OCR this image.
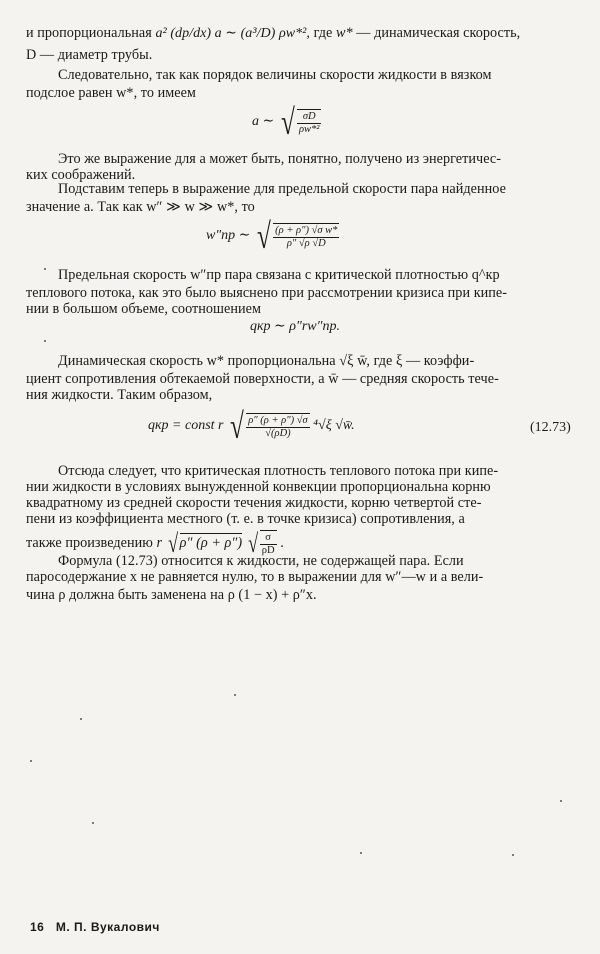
и пропорциональная a² (dp/dx) a ∼ (a³/D) ρw*², где w* — динамическая скорость,
D — диаметр трубы.
Следовательно, так как порядок величины скорости жидкости в вязком
подслое равен w*, то имеем
a ∼ √ $\frac{\sigma D}{\text{ρw*²}}$
Это же выражение для a может быть, понятно, получено из энергетичес-
ких соображений.
Подставим теперь в выражение для предельной скорости пара найденное
значение a. Так как w″ ≫ w ≫ w*, то
w″пр ∼ √ $\frac{\text{(ρ + ρ″) √σ w*}}{\rho'' √\rho √D}$
Предельная скорость w″пр пара связана с критической плотностью q^кр
теплового потока, как это было выяснено при рассмотрении кризиса при кипе-
нии в большом объеме, соотношением
qкр ∼ ρ″rw″пр.
Динамическая скорость w* пропорциональна √ξ w̄, где ξ — коэффи-
циент сопротивления обтекаемой поверхности, a w̄ — средняя скорость тече-
ния жидкости. Таким образом,
qкр = const r √ $\frac{\rho'' (\rho + \rho'') √\sigma}{√(\rho D)} ^4√\xi$ √w̄.	(12.73)
Отсюда следует, что критическая плотность теплового потока при кипе-
нии жидкости в условиях вынужденной конвекции пропорциональна корню
квадратному из средней скорости течения жидкости, корню четвертой сте-
пени из коэффициента местного (т. е. в точке кризиса) сопротивления, а
также произведению r √ ρ″ (ρ + ρ″) √ $\frac{\sigma}{\rho D}$ .
Формула (12.73) относится к жидкости, не содержащей пара. Если
паросодержание x не равняется нулю, то в выражении для w″—w и a вели-
чина ρ должна быть заменена на ρ (1 − x) + ρ″x.
16 М. П. Вукалович
